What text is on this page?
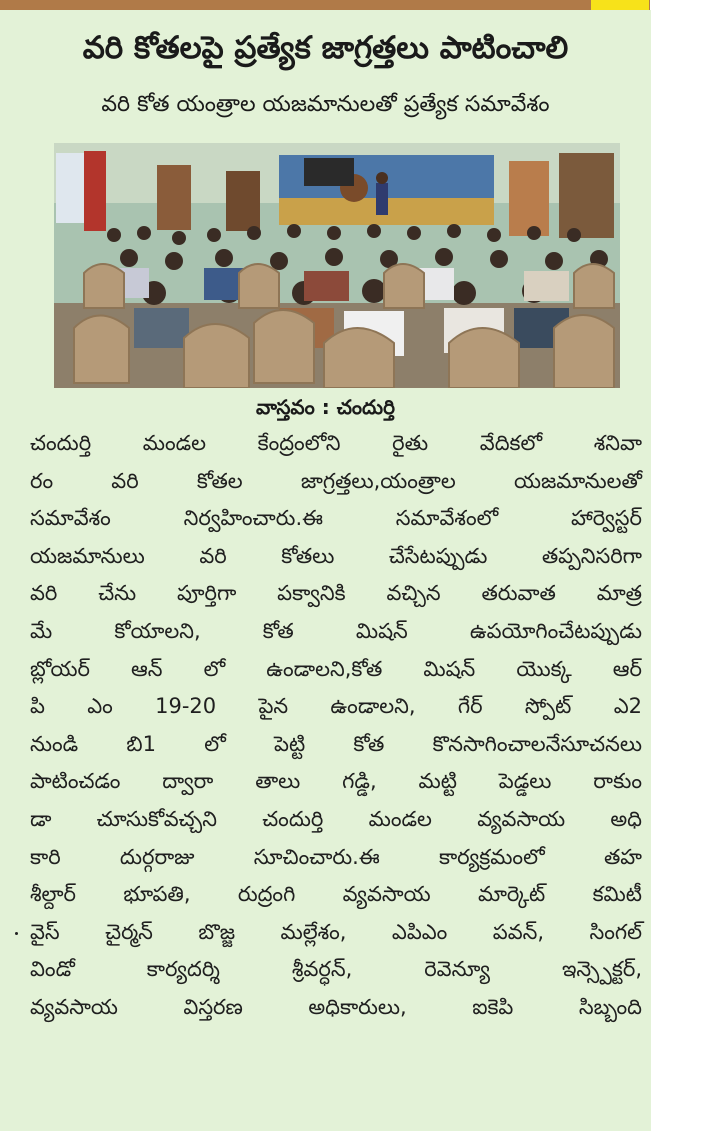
వరి కోతలపై ప్రత్యేక జాగ్రత్తలు పాటించాలి
వరి కోత యంత్రాల యజమానులతో ప్రత్యేక సమావేశం
వాస్తవం : చందుర్తి
చందుర్తి మండల కేంద్రంలోని రైతు వేదికలో శనివా
రం వరి కోతల జాగ్రత్తలు,యంత్రాల యజమానులతో
సమావేశం నిర్వహించారు.ఈ సమావేశంలో హార్వెస్టర్
యజమానులు వరి కోతలు చేసేటప్పుడు తప్పనిసరిగా
వరి చేను పూర్తిగా పక్వానికి వచ్చిన తరువాత మాత్ర
మే కోయాలని, కోత మిషన్ ఉపయోగించేటప్పుడు
బ్లోయర్ ఆన్ లో ఉండాలని,కోత మిషన్ యొక్క ఆర్
పి ఎం 19-20 పైన ఉండాలని, గేర్ స్పోట్ ఎ2
నుండి బి1 లో పెట్టి కోత కొనసాగించాలనేసూచనలు
పాటించడం ద్వారా తాలు గడ్డి, మట్టి పెడ్డలు రాకుం
డా చూసుకోవచ్చని చందుర్తి మండల వ్యవసాయ అధి
కారి దుర్గరాజు సూచించారు.ఈ కార్యక్రమంలో తహ
శీల్దార్ భూపతి, రుద్రంగి వ్యవసాయ మార్కెట్ కమిటీ
వైస్ చైర్మన్ బొజ్జ మల్లేశం, ఎపిఎం పవన్, సింగల్
విండో కార్యదర్శి శ్రీవర్ధన్, రెవెన్యూ ఇన్స్పెక్టర్,
వ్యవసాయ విస్తరణ అధికారులు, ఐకెపి సిబ్బంది
